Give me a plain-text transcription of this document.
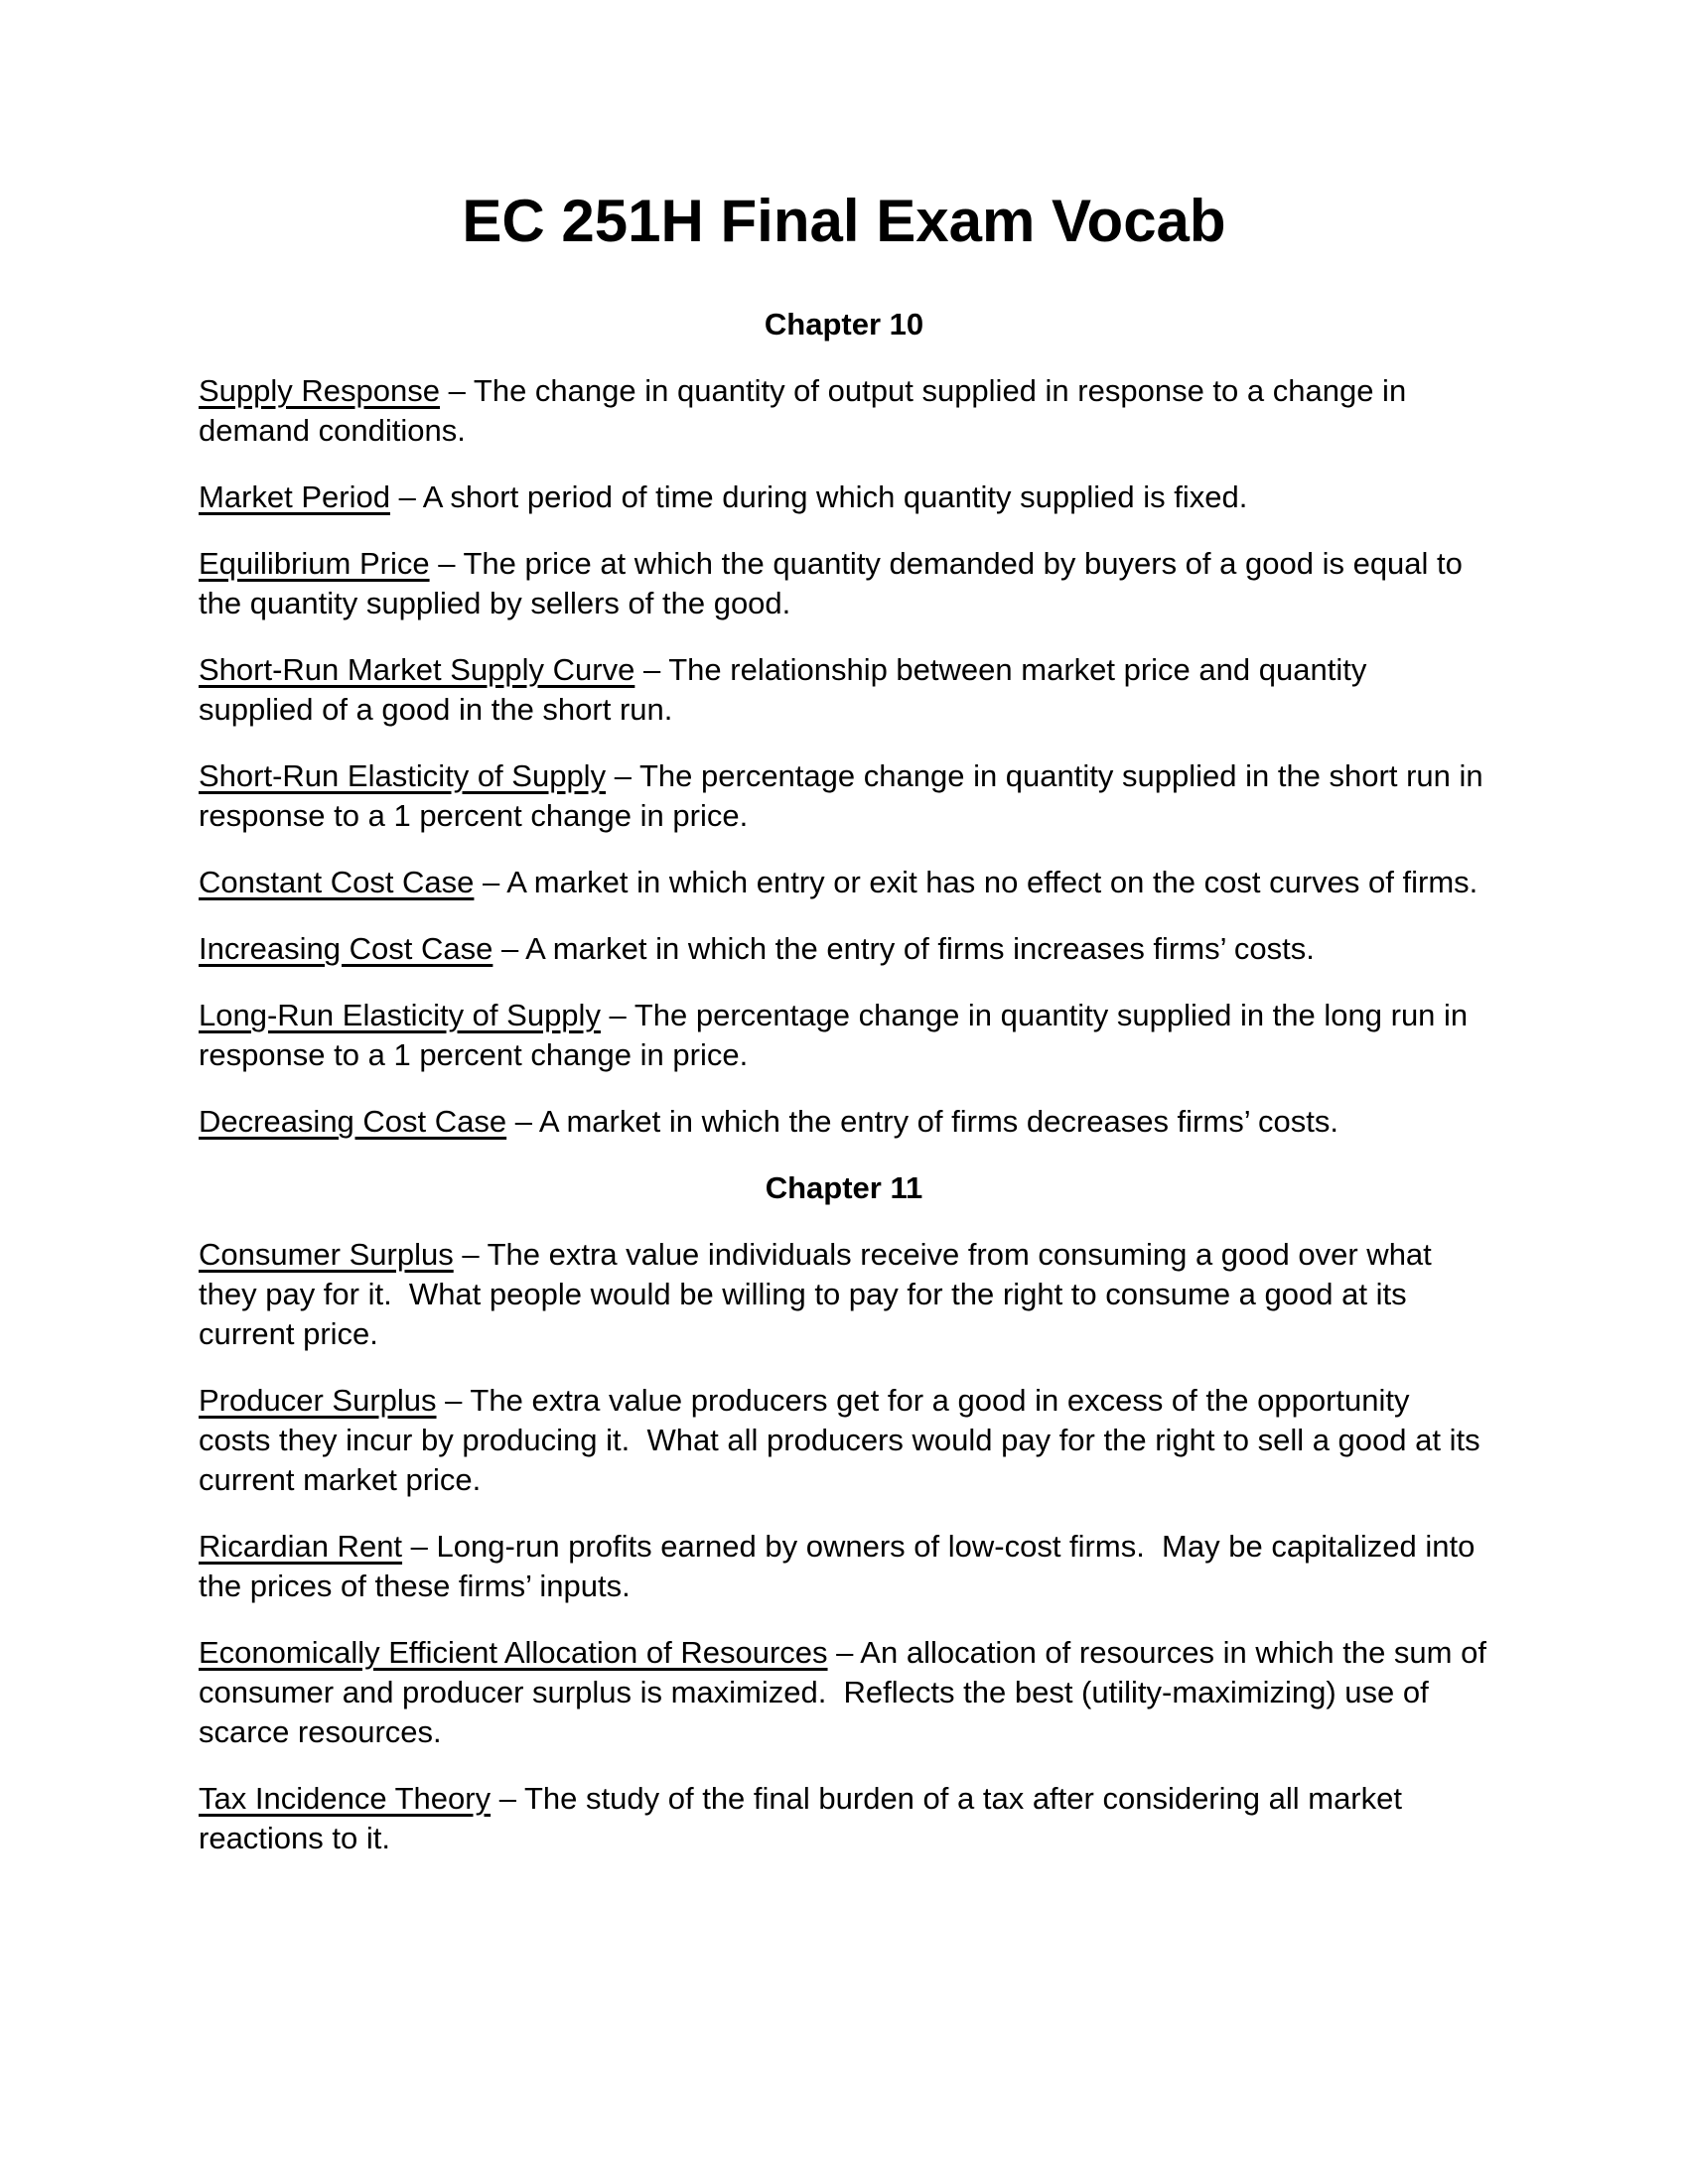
EC 251H Final Exam Vocab
Chapter 10

Supply Response – The change in quantity of output supplied in response to a change in demand conditions.

Market Period – A short period of time during which quantity supplied is fixed.

Equilibrium Price – The price at which the quantity demanded by buyers of a good is equal to the quantity supplied by sellers of the good.

Short-Run Market Supply Curve – The relationship between market price and quantity supplied of a good in the short run.

Short-Run Elasticity of Supply – The percentage change in quantity supplied in the short run in response to a 1 percent change in price.

Constant Cost Case – A market in which entry or exit has no effect on the cost curves of firms.

Increasing Cost Case – A market in which the entry of firms increases firms’ costs.

Long-Run Elasticity of Supply – The percentage change in quantity supplied in the long run in response to a 1 percent change in price.

Decreasing Cost Case – A market in which the entry of firms decreases firms’ costs.

Chapter 11

Consumer Surplus – The extra value individuals receive from consuming a good over what they pay for it.  What people would be willing to pay for the right to consume a good at its current price.

Producer Surplus – The extra value producers get for a good in excess of the opportunity costs they incur by producing it.  What all producers would pay for the right to sell a good at its current market price.

Ricardian Rent – Long-run profits earned by owners of low-cost firms.  May be capitalized into the prices of these firms’ inputs.

Economically Efficient Allocation of Resources – An allocation of resources in which the sum of consumer and producer surplus is maximized.  Reflects the best (utility-maximizing) use of scarce resources.

Tax Incidence Theory – The study of the final burden of a tax after considering all market reactions to it.
